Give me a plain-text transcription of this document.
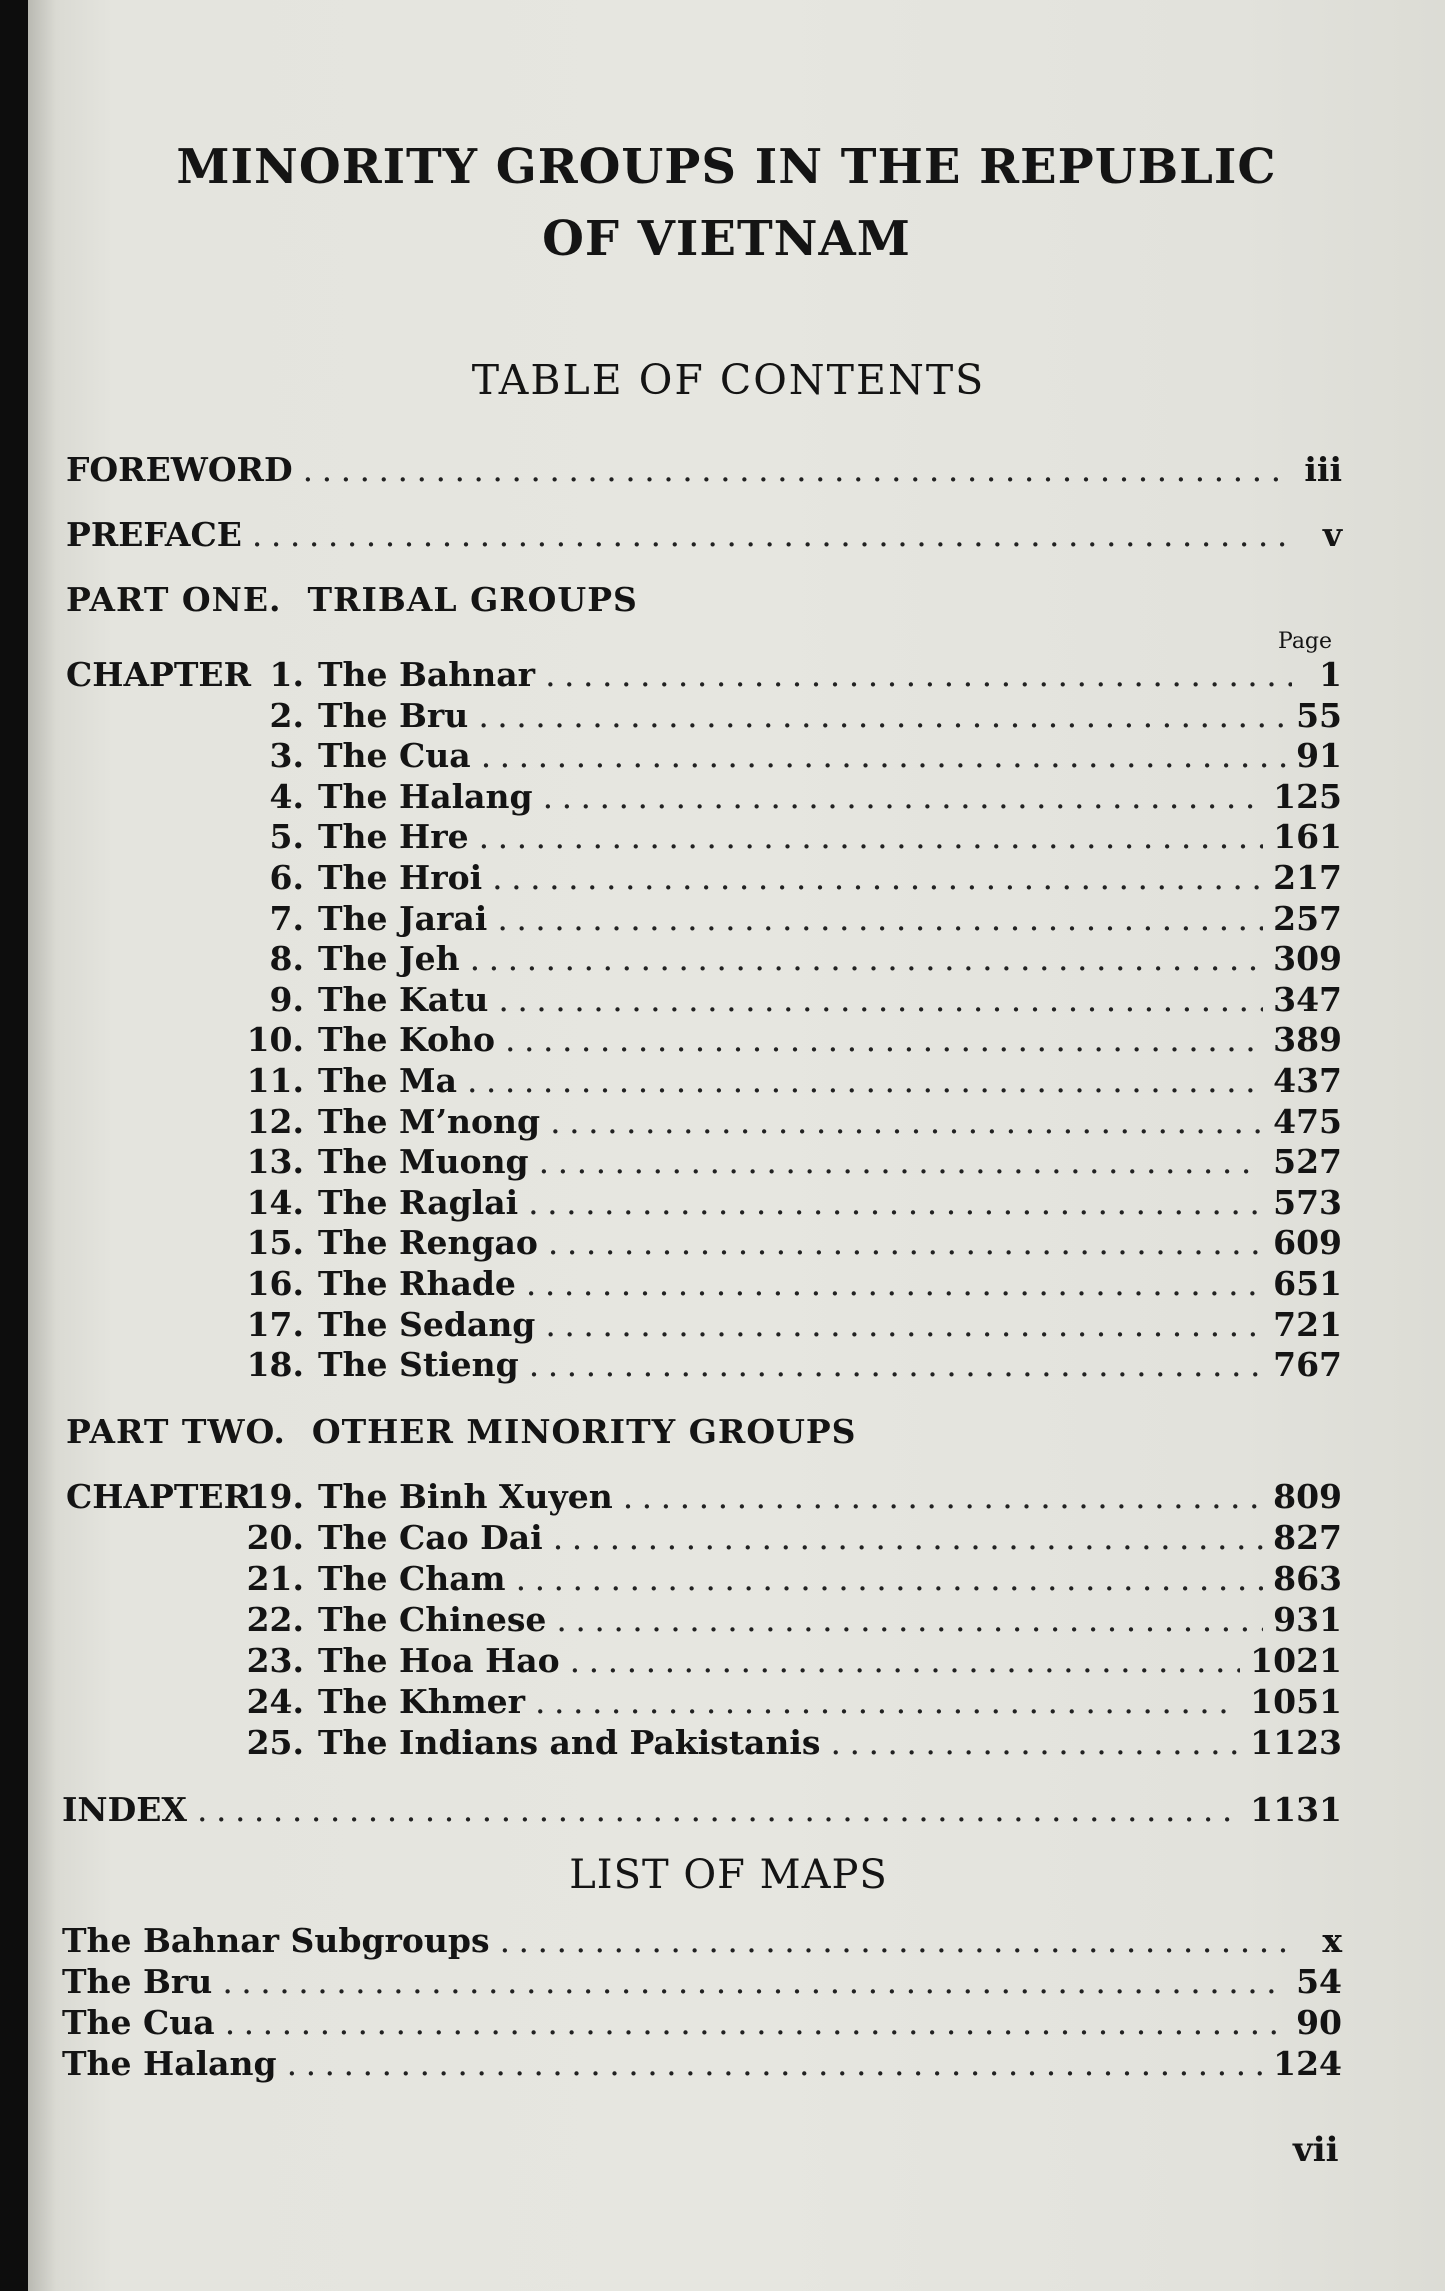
MINORITY GROUPS IN THE REPUBLIC
OF VIETNAM
TABLE OF CONTENTS
FOREWORD . . .	iii
PREFACE . . .	v
PART ONE. TRIBAL GROUPS
Page
CHAPTER 1. The Bahnar . . .	1
2. The Bru . . .	55
3. The Cua . . .	91
4. The Halang . . .	125
5. The Hre . . .	161
6. The Hroi . . .	217
7. The Jarai . . .	257
8. The Jeh . . .	309
9. The Katu . . .	347
10. The Koho . . .	389
11. The Ma . . .	437
12. The M’nong . . .	475
13. The Muong . . .	527
14. The Raglai . . .	573
15. The Rengao . . .	609
16. The Rhade . . .	651
17. The Sedang . . .	721
18. The Stieng . . .	767
PART TWO. OTHER MINORITY GROUPS
CHAPTER19. The Binh Xuyen . . .	809
20. The Cao Dai . . .	827
21. The Cham . . .	863
22. The Chinese . . .	931
23. The Hoa Hao . . .	1021
24. The Khmer . . .	1051
25. The Indians and Pakistanis . . .	1123
INDEX . . .	1131
LIST OF MAPS
The Bahnar Subgroups . . .	x
The Bru . . .	54
The Cua . . .	90
The Halang . . .	124
vii
